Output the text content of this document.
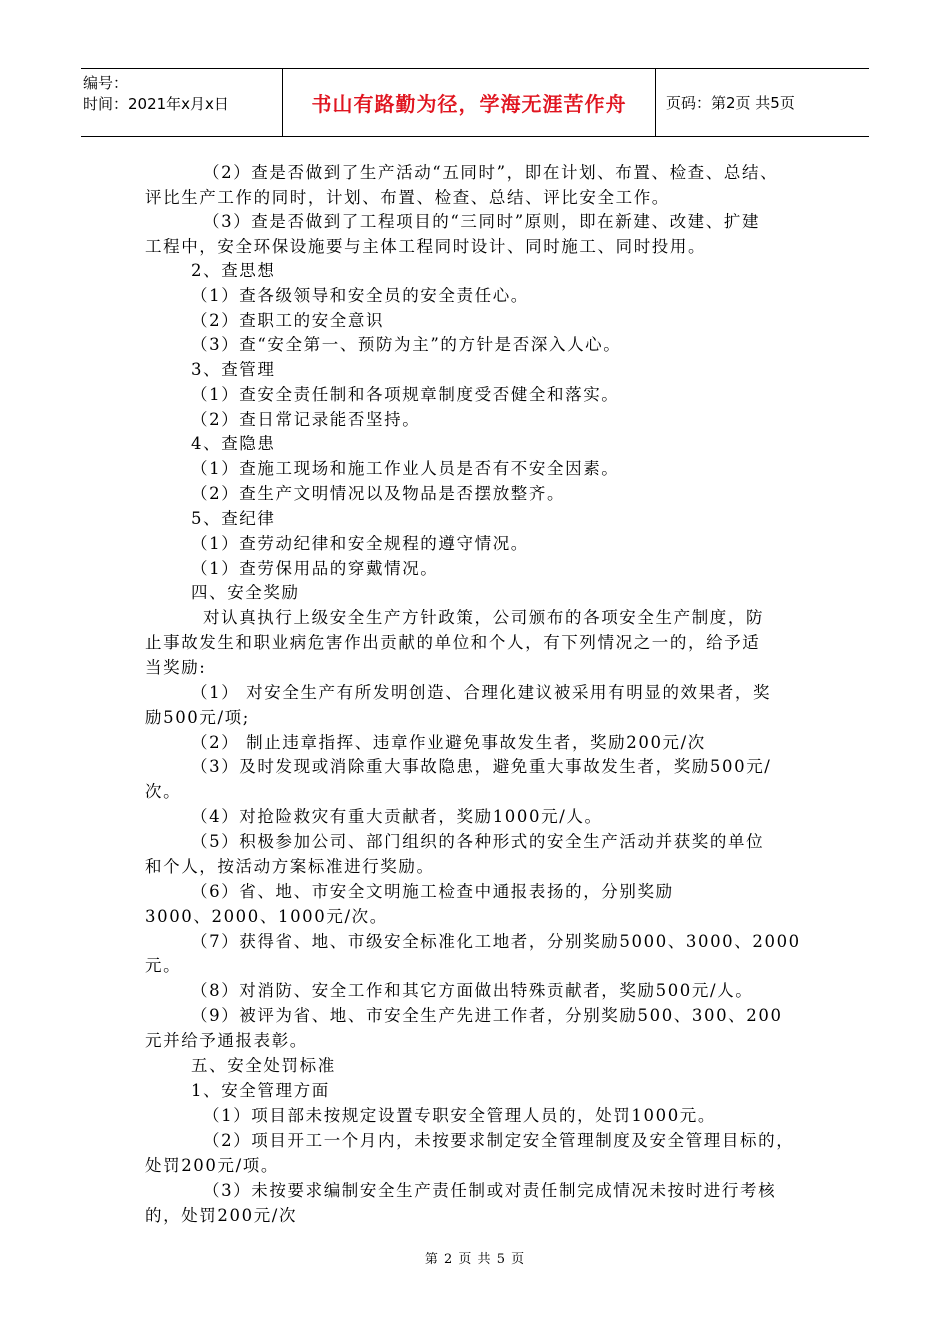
编号：
时间：2021年x月x日	书山有路勤为径，学海无涯苦作舟	页码：第2页 共5页
（2）查是否做到了生产活动“五同时”，即在计划、布置、检查、总结、
评比生产工作的同时，计划、布置、检查、总结、评比安全工作。
（3）查是否做到了工程项目的“三同时”原则，即在新建、改建、扩建
工程中，安全环保设施要与主体工程同时设计、同时施工、同时投用。
2、查思想
（1）查各级领导和安全员的安全责任心。
（2）查职工的安全意识
（3）查“安全第一、预防为主”的方针是否深入人心。
3、查管理
（1）查安全责任制和各项规章制度受否健全和落实。
（2）查日常记录能否坚持。
4、查隐患
（1）查施工现场和施工作业人员是否有不安全因素。
（2）查生产文明情况以及物品是否摆放整齐。
5、查纪律
（1）查劳动纪律和安全规程的遵守情况。
（1）查劳保用品的穿戴情况。
四、安全奖励
对认真执行上级安全生产方针政策，公司颁布的各项安全生产制度，防
止事故发生和职业病危害作出贡献的单位和个人，有下列情况之一的，给予适
当奖励:
（1） 对安全生产有所发明创造、合理化建议被采用有明显的效果者，奖
励500元/项;
（2） 制止违章指挥、违章作业避免事故发生者，奖励200元/次
（3）及时发现或消除重大事故隐患，避免重大事故发生者，奖励500元/
次。
（4）对抢险救灾有重大贡献者，奖励1000元/人。
（5）积极参加公司、部门组织的各种形式的安全生产活动并获奖的单位
和个人，按活动方案标准进行奖励。
（6）省、地、市安全文明施工检查中通报表扬的，分别奖励
3000、2000、1000元/次。
（7）获得省、地、市级安全标准化工地者，分别奖励5000、3000、2000
元。
（8）对消防、安全工作和其它方面做出特殊贡献者，奖励500元/人。
（9）被评为省、地、市安全生产先进工作者，分别奖励500、300、200
元并给予通报表彰。
五、安全处罚标准
1、安全管理方面
（1）项目部未按规定设置专职安全管理人员的，处罚1000元。
（2）项目开工一个月内，未按要求制定安全管理制度及安全管理目标的，
处罚200元/项。
（3）未按要求编制安全生产责任制或对责任制完成情况未按时进行考核
的，处罚200元/次
第 2 页 共 5 页
